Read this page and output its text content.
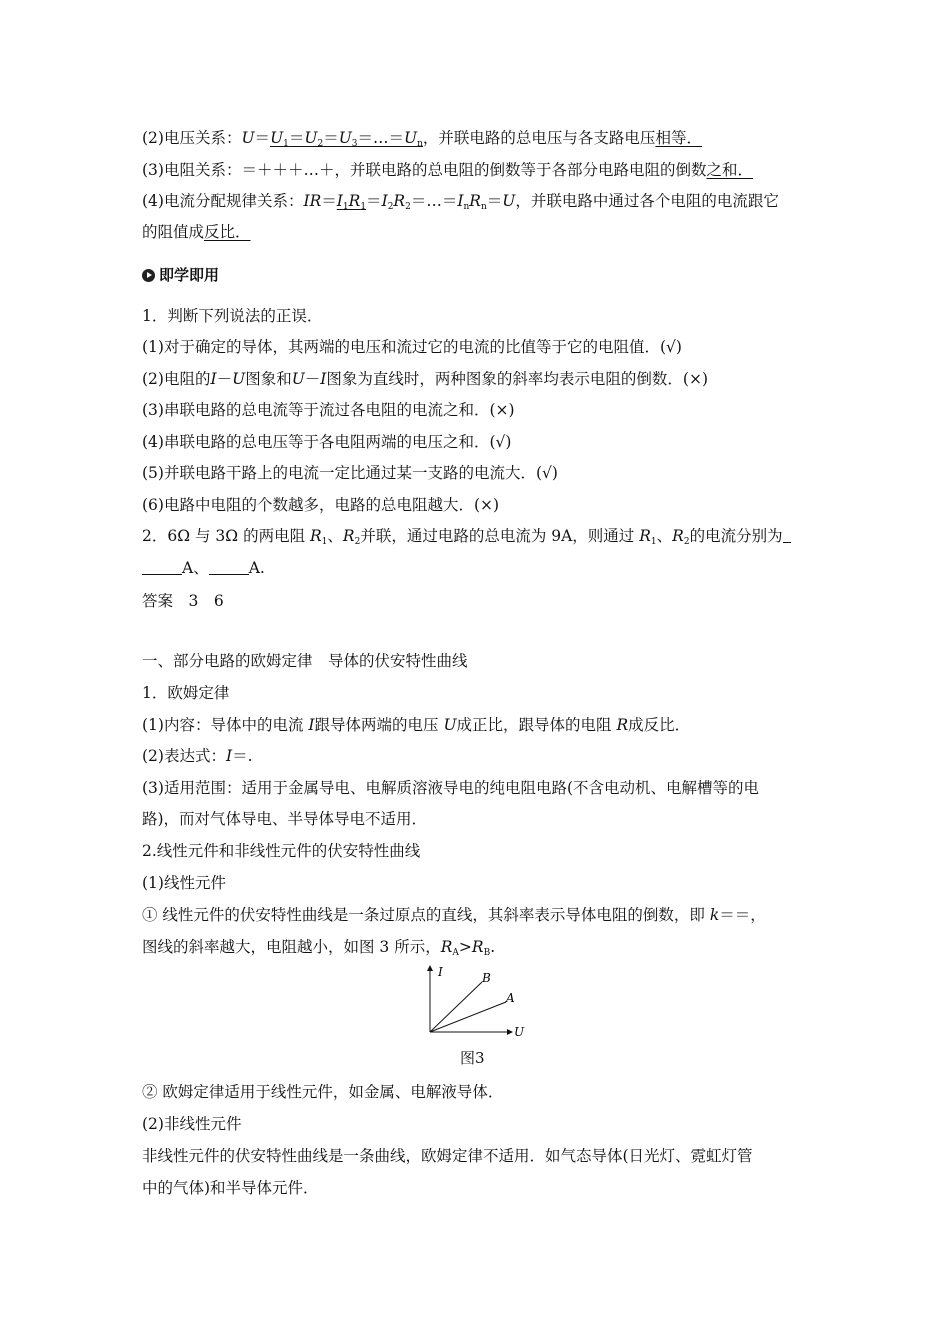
(2)电压关系：$U=U_1=U_2=U_3=\dots=U_n$，并联电路的总电压与各支路电压相等．
(3)电阻关系：＝＋＋＋…＋，并联电路的总电阻的倒数等于各部分电路电阻的倒数之和．
(4)电流分配规律关系：$IR=I_1R_1=I_2R_2=\dots=I_nR_n=U$，并联电路中通过各个电阻的电流跟它
的阻值成反比．
即学即用
1．判断下列说法的正误．
(1)对于确定的导体，其两端的电压和流过它的电流的比值等于它的电阻值．(√)
(2)电阻的I－U图象和U－I图象为直线时，两种图象的斜率均表示电阻的倒数．(×)
(3)串联电路的总电流等于流过各电阻的电流之和．(×)
(4)串联电路的总电压等于各电阻两端的电压之和．(√)
(5)并联电路干路上的电流一定比通过某一支路的电流大．(√)
(6)电路中电阻的个数越多，电路的总电阻越大．(×)
2．6Ω 与 3Ω 的两电阻 $R_1$、$R_2$并联，通过电路的总电流为 9A，则通过 $R_1$、$R_2$的电流分别为
A、	A.
答案　3　6
一、部分电路的欧姆定律　导体的伏安特性曲线
1．欧姆定律
(1)内容：导体中的电流 I跟导体两端的电压 U成正比，跟导体的电阻 R成反比．
(2)表达式：I＝.
(3)适用范围：适用于金属导电、电解质溶液导电的纯电阻电路(不含电动机、电解槽等的电
路)，而对气体导电、半导体导电不适用．
2.线性元件和非线性元件的伏安特性曲线
(1)线性元件
① 线性元件的伏安特性曲线是一条过原点的直线，其斜率表示导体电阻的倒数，即 k＝＝，
图线的斜率越大，电阻越小，如图 3 所示，$R_A>R_B$.
I
U
B
A
图3
② 欧姆定律适用于线性元件，如金属、电解液导体．
(2)非线性元件
非线性元件的伏安特性曲线是一条曲线，欧姆定律不适用．如气态导体(日光灯、霓虹灯管
中的气体)和半导体元件．
